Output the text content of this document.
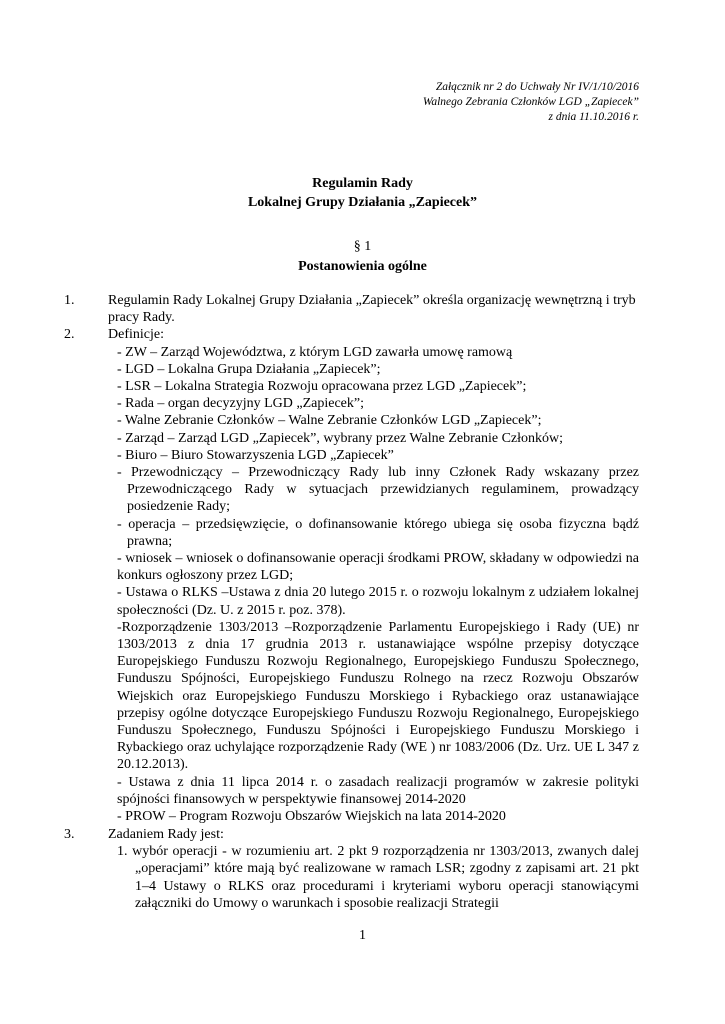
Załącznik nr 2 do Uchwały Nr IV/1/10/2016
Walnego Zebrania Członków LGD „Zapiecek”
z dnia 11.10.2016 r.
Regulamin Rady
Lokalnej Grupy Działania „Zapiecek”
§ 1
Postanowienia ogólne
1. Regulamin Rady Lokalnej Grupy Działania „Zapiecek” określa organizację wewnętrzną i tryb pracy Rady.
2. Definicje:
- ZW – Zarząd Województwa, z którym LGD zawarła umowę ramową
- LGD – Lokalna Grupa Działania „Zapiecek”;
- LSR – Lokalna Strategia Rozwoju opracowana przez LGD „Zapiecek”;
- Rada – organ decyzyjny LGD „Zapiecek”;
- Walne Zebranie Członków – Walne Zebranie Członków LGD „Zapiecek”;
- Zarząd – Zarząd LGD „Zapiecek”, wybrany przez Walne Zebranie Członków;
- Biuro – Biuro Stowarzyszenia LGD „Zapiecek”
- Przewodniczący – Przewodniczący Rady lub inny Członek Rady wskazany przez Przewodniczącego Rady w sytuacjach przewidzianych regulaminem, prowadzący posiedzenie Rady;
- operacja – przedsięwzięcie, o dofinansowanie którego ubiega się osoba fizyczna bądź prawna;
- wniosek – wniosek o dofinansowanie operacji środkami PROW, składany w odpowiedzi na konkurs ogłoszony przez LGD;
- Ustawa o RLKS –Ustawa z dnia 20 lutego 2015 r. o rozwoju lokalnym z udziałem lokalnej społeczności (Dz. U. z 2015 r. poz. 378).
-Rozporządzenie 1303/2013 –Rozporządzenie Parlamentu Europejskiego i Rady (UE) nr 1303/2013 z dnia 17 grudnia 2013 r. ustanawiające wspólne przepisy dotyczące Europejskiego Funduszu Rozwoju Regionalnego, Europejskiego Funduszu Społecznego, Funduszu Spójności, Europejskiego Funduszu Rolnego na rzecz Rozwoju Obszarów Wiejskich oraz Europejskiego Funduszu Morskiego i Rybackiego oraz ustanawiające przepisy ogólne dotyczące Europejskiego Funduszu Rozwoju Regionalnego, Europejskiego Funduszu Społecznego, Funduszu Spójności i Europejskiego Funduszu Morskiego i Rybackiego oraz uchylające rozporządzenie Rady (WE ) nr 1083/2006 (Dz. Urz. UE L 347 z 20.12.2013).
- Ustawa z dnia 11 lipca 2014 r. o zasadach realizacji programów w zakresie polityki spójności finansowych w perspektywie finansowej 2014-2020
- PROW – Program Rozwoju Obszarów Wiejskich na lata 2014-2020
3. Zadaniem Rady jest:
1. wybór operacji - w rozumieniu art. 2 pkt 9 rozporządzenia nr 1303/2013, zwanych dalej „operacjami” które mają być realizowane w ramach LSR; zgodny z zapisami art. 21 pkt 1–4 Ustawy o RLKS oraz procedurami i kryteriami wyboru operacji stanowiącymi załączniki do Umowy o warunkach i sposobie realizacji Strategii
1
